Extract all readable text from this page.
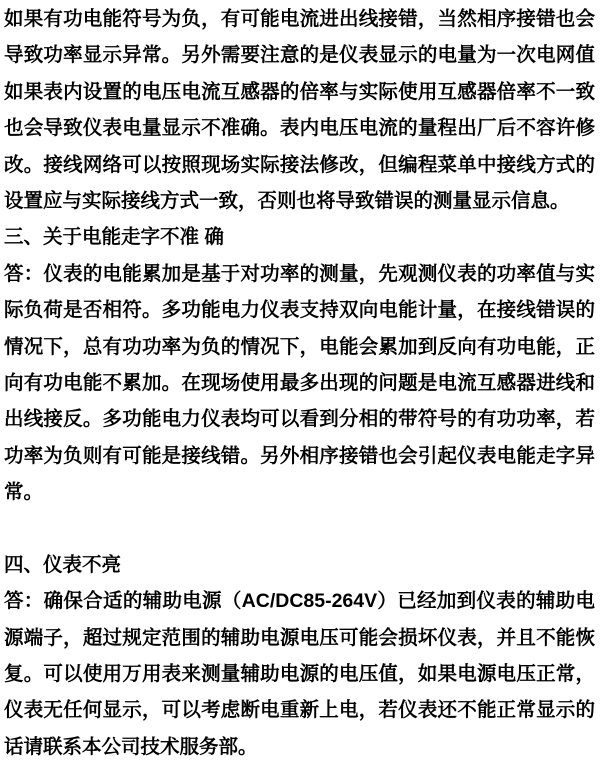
如果有功电能符号为负，有可能电流进出线接错，当然相序接错也会
导致功率显示异常。另外需要注意的是仪表显示的电量为一次电网值
如果表内设置的电压电流互感器的倍率与实际使用互感器倍率不一致
也会导致仪表电量显示不准确。表内电压电流的量程出厂后不容许修
改。接线网络可以按照现场实际接法修改，但编程菜单中接线方式的
设置应与实际接线方式一致，否则也将导致错误的测量显示信息。
三、关于电能走字不准 确
答：仪表的电能累加是基于对功率的测量，先观测仪表的功率值与实
际负荷是否相符。多功能电力仪表支持双向电能计量，在接线错误的
情况下，总有功功率为负的情况下，电能会累加到反向有功电能，正
向有功电能不累加。在现场使用最多出现的问题是电流互感器进线和
出线接反。多功能电力仪表均可以看到分相的带符号的有功功率，若
功率为负则有可能是接线错。另外相序接错也会引起仪表电能走字异
常。
四、仪表不亮
答：确保合适的辅助电源（AC/DC85-264V）已经加到仪表的辅助电
源端子，超过规定范围的辅助电源电压可能会损坏仪表，并且不能恢
复。可以使用万用表来测量辅助电源的电压值，如果电源电压正常，
仪表无任何显示，可以考虑断电重新上电，若仪表还不能正常显示的
话请联系本公司技术服务部。
